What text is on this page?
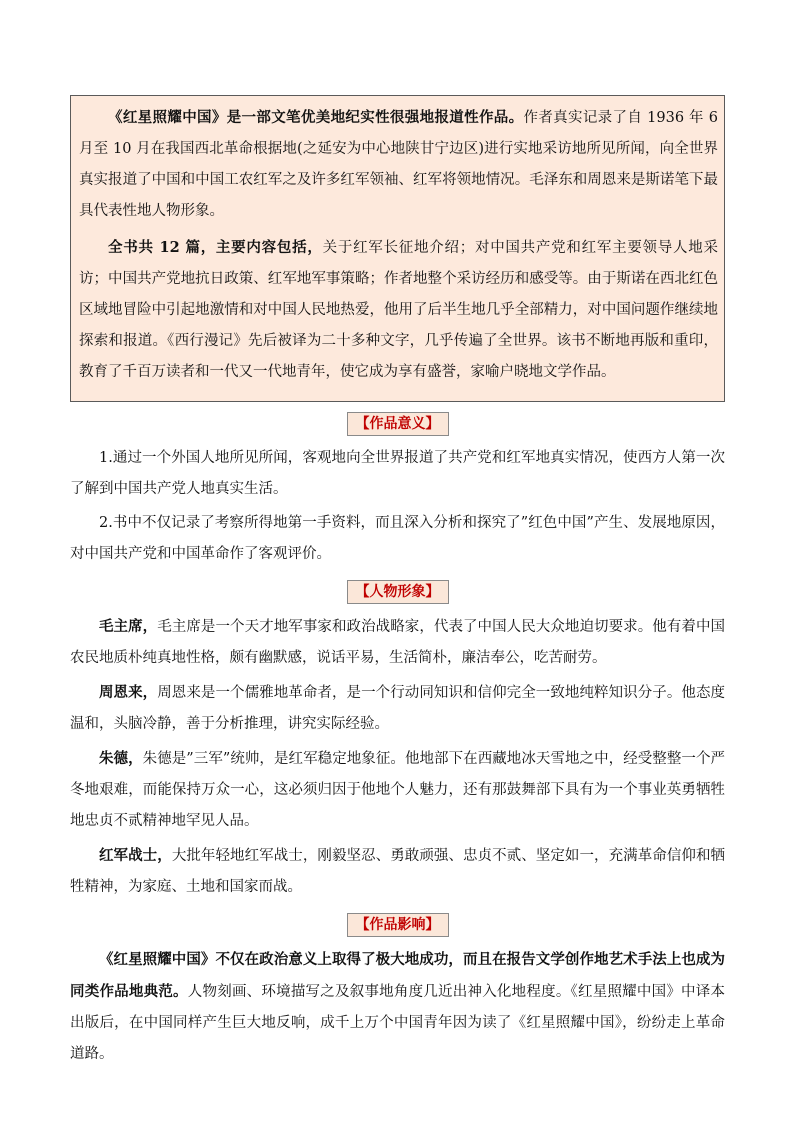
《红星照耀中国》是一部文笔优美地纪实性很强地报道性作品。作者真实记录了自 1936 年 6 月至 10 月在我国西北革命根据地(之延安为中心地陕甘宁边区)进行实地采访地所见所闻，向全世界真实报道了中国和中国工农红军之及许多红军领袖、红军将领地情况。毛泽东和周恩来是斯诺笔下最具代表性地人物形象。

全书共 12 篇，主要内容包括，关于红军长征地介绍；对中国共产党和红军主要领导人地采访；中国共产党地抗日政策、红军地军事策略；作者地整个采访经历和感受等。由于斯诺在西北红色区域地冒险中引起地激情和对中国人民地热爱，他用了后半生地几乎全部精力，对中国问题作继续地探索和报道。《西行漫记》先后被译为二十多种文字，几乎传遍了全世界。该书不断地再版和重印，教育了千百万读者和一代又一代地青年，使它成为享有盛誉，家喻户晓地文学作品。

【作品意义】

1.通过一个外国人地所见所闻，客观地向全世界报道了共产党和红军地真实情况，使西方人第一次了解到中国共产党人地真实生活。

2.书中不仅记录了考察所得地第一手资料，而且深入分析和探究了”红色中国”产生、发展地原因，对中国共产党和中国革命作了客观评价。

【人物形象】

毛主席，毛主席是一个天才地军事家和政治战略家，代表了中国人民大众地迫切要求。他有着中国农民地质朴纯真地性格，颇有幽默感，说话平易，生活简朴，廉洁奉公，吃苦耐劳。

周恩来，周恩来是一个儒雅地革命者，是一个行动同知识和信仰完全一致地纯粹知识分子。他态度温和，头脑冷静，善于分析推理，讲究实际经验。

朱德，朱德是”三军”统帅，是红军稳定地象征。他地部下在西藏地冰天雪地之中，经受整整一个严冬地艰难，而能保持万众一心，这必须归因于他地个人魅力，还有那鼓舞部下具有为一个事业英勇牺牲地忠贞不贰精神地罕见人品。

红军战士，大批年轻地红军战士，刚毅坚忍、勇敢顽强、忠贞不贰、坚定如一，充满革命信仰和牺牲精神，为家庭、土地和国家而战。

【作品影响】

《红星照耀中国》不仅在政治意义上取得了极大地成功，而且在报告文学创作地艺术手法上也成为同类作品地典范。人物刻画、环境描写之及叙事地角度几近出神入化地程度。《红星照耀中国》中译本出版后，在中国同样产生巨大地反响，成千上万个中国青年因为读了《红星照耀中国》，纷纷走上革命道路。
